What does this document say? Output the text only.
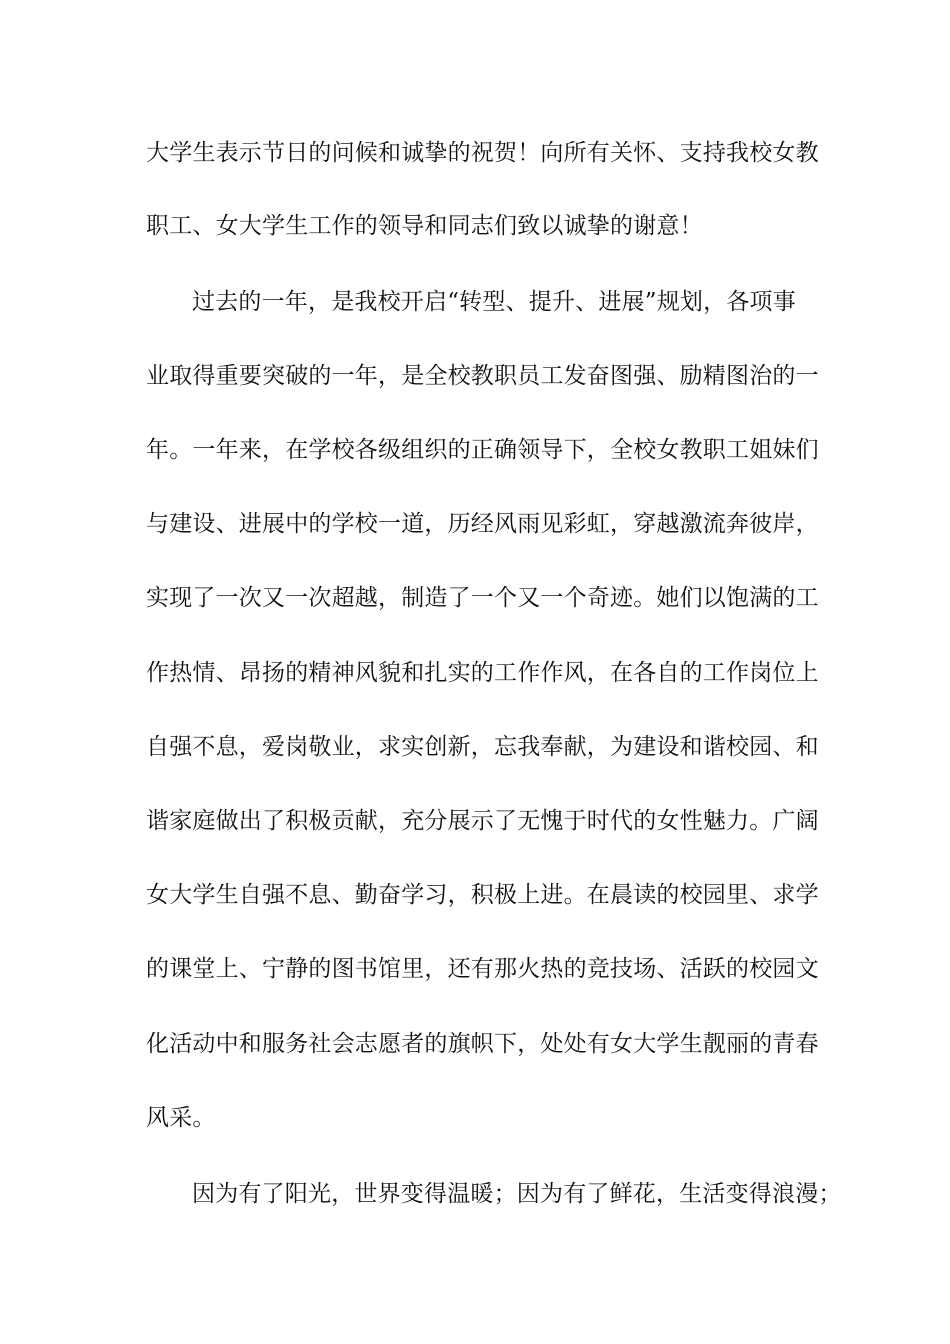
大学生表示节日的问候和诚挚的祝贺！向所有关怀、支持我校女教
职工、女大学生工作的领导和同志们致以诚挚的谢意！
过去的一年，是我校开启“转型、提升、进展”规划，各项事
业取得重要突破的一年，是全校教职员工发奋图强、励精图治的一
年。一年来，在学校各级组织的正确领导下，全校女教职工姐妹们
与建设、进展中的学校一道，历经风雨见彩虹，穿越激流奔彼岸，
实现了一次又一次超越，制造了一个又一个奇迹。她们以饱满的工
作热情、昂扬的精神风貌和扎实的工作作风，在各自的工作岗位上
自强不息，爱岗敬业，求实创新，忘我奉献，为建设和谐校园、和
谐家庭做出了积极贡献，充分展示了无愧于时代的女性魅力。广阔
女大学生自强不息、勤奋学习，积极上进。在晨读的校园里、求学
的课堂上、宁静的图书馆里，还有那火热的竞技场、活跃的校园文
化活动中和服务社会志愿者的旗帜下，处处有女大学生靓丽的青春
风采。
因为有了阳光，世界变得温暖；因为有了鲜花，生活变得浪漫；
